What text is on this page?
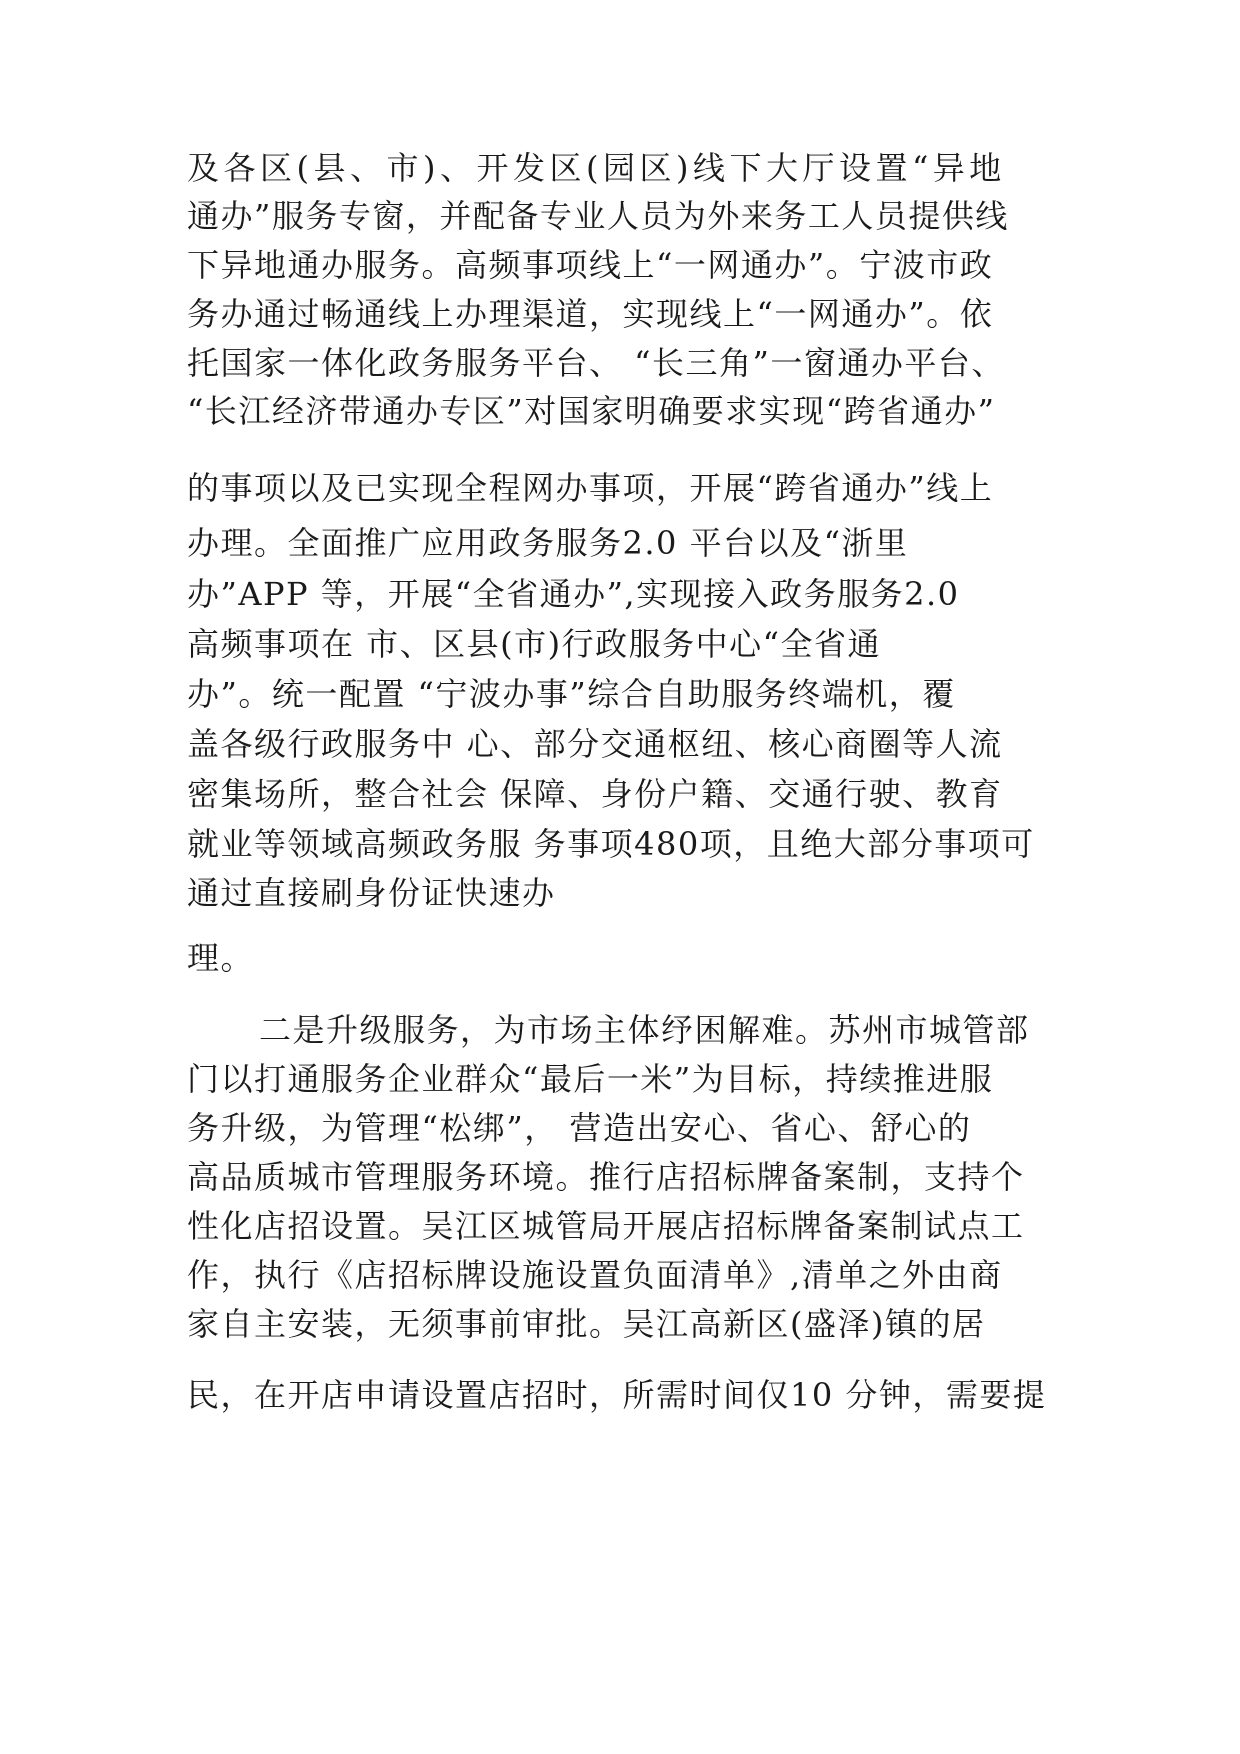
及各区(县、市)、开发区(园区)线下大厅设置“异地
通办”服务专窗，并配备专业人员为外来务工人员提供线
下异地通办服务。高频事项线上“一网通办”。宁波市政
务办通过畅通线上办理渠道，实现线上“一网通办”。依
托国家一体化政务服务平台、 “长三角”一窗通办平台、
“长江经济带通办专区”对国家明确要求实现“跨省通办”
的事项以及已实现全程网办事项，开展“跨省通办”线上
办理。全面推广应用政务服务2.0 平台以及“浙里
办”APP 等，开展“全省通办”,实现接入政务服务2.0
高频事项在 市、区县(市)行政服务中心“全省通
办”。统一配置 “宁波办事”综合自助服务终端机，覆
盖各级行政服务中 心、部分交通枢纽、核心商圈等人流
密集场所，整合社会 保障、身份户籍、交通行驶、教育
就业等领域高频政务服 务事项480项，且绝大部分事项可
通过直接刷身份证快速办
理。
二是升级服务，为市场主体纾困解难。苏州市城管部
门以打通服务企业群众“最后一米”为目标，持续推进服
务升级，为管理“松绑”， 营造出安心、省心、舒心的
高品质城市管理服务环境。推行店招标牌备案制，支持个
性化店招设置。吴江区城管局开展店招标牌备案制试点工
作，执行《店招标牌设施设置负面清单》,清单之外由商
家自主安装，无须事前审批。吴江高新区(盛泽)镇的居
民，在开店申请设置店招时，所需时间仅10 分钟，需要提
